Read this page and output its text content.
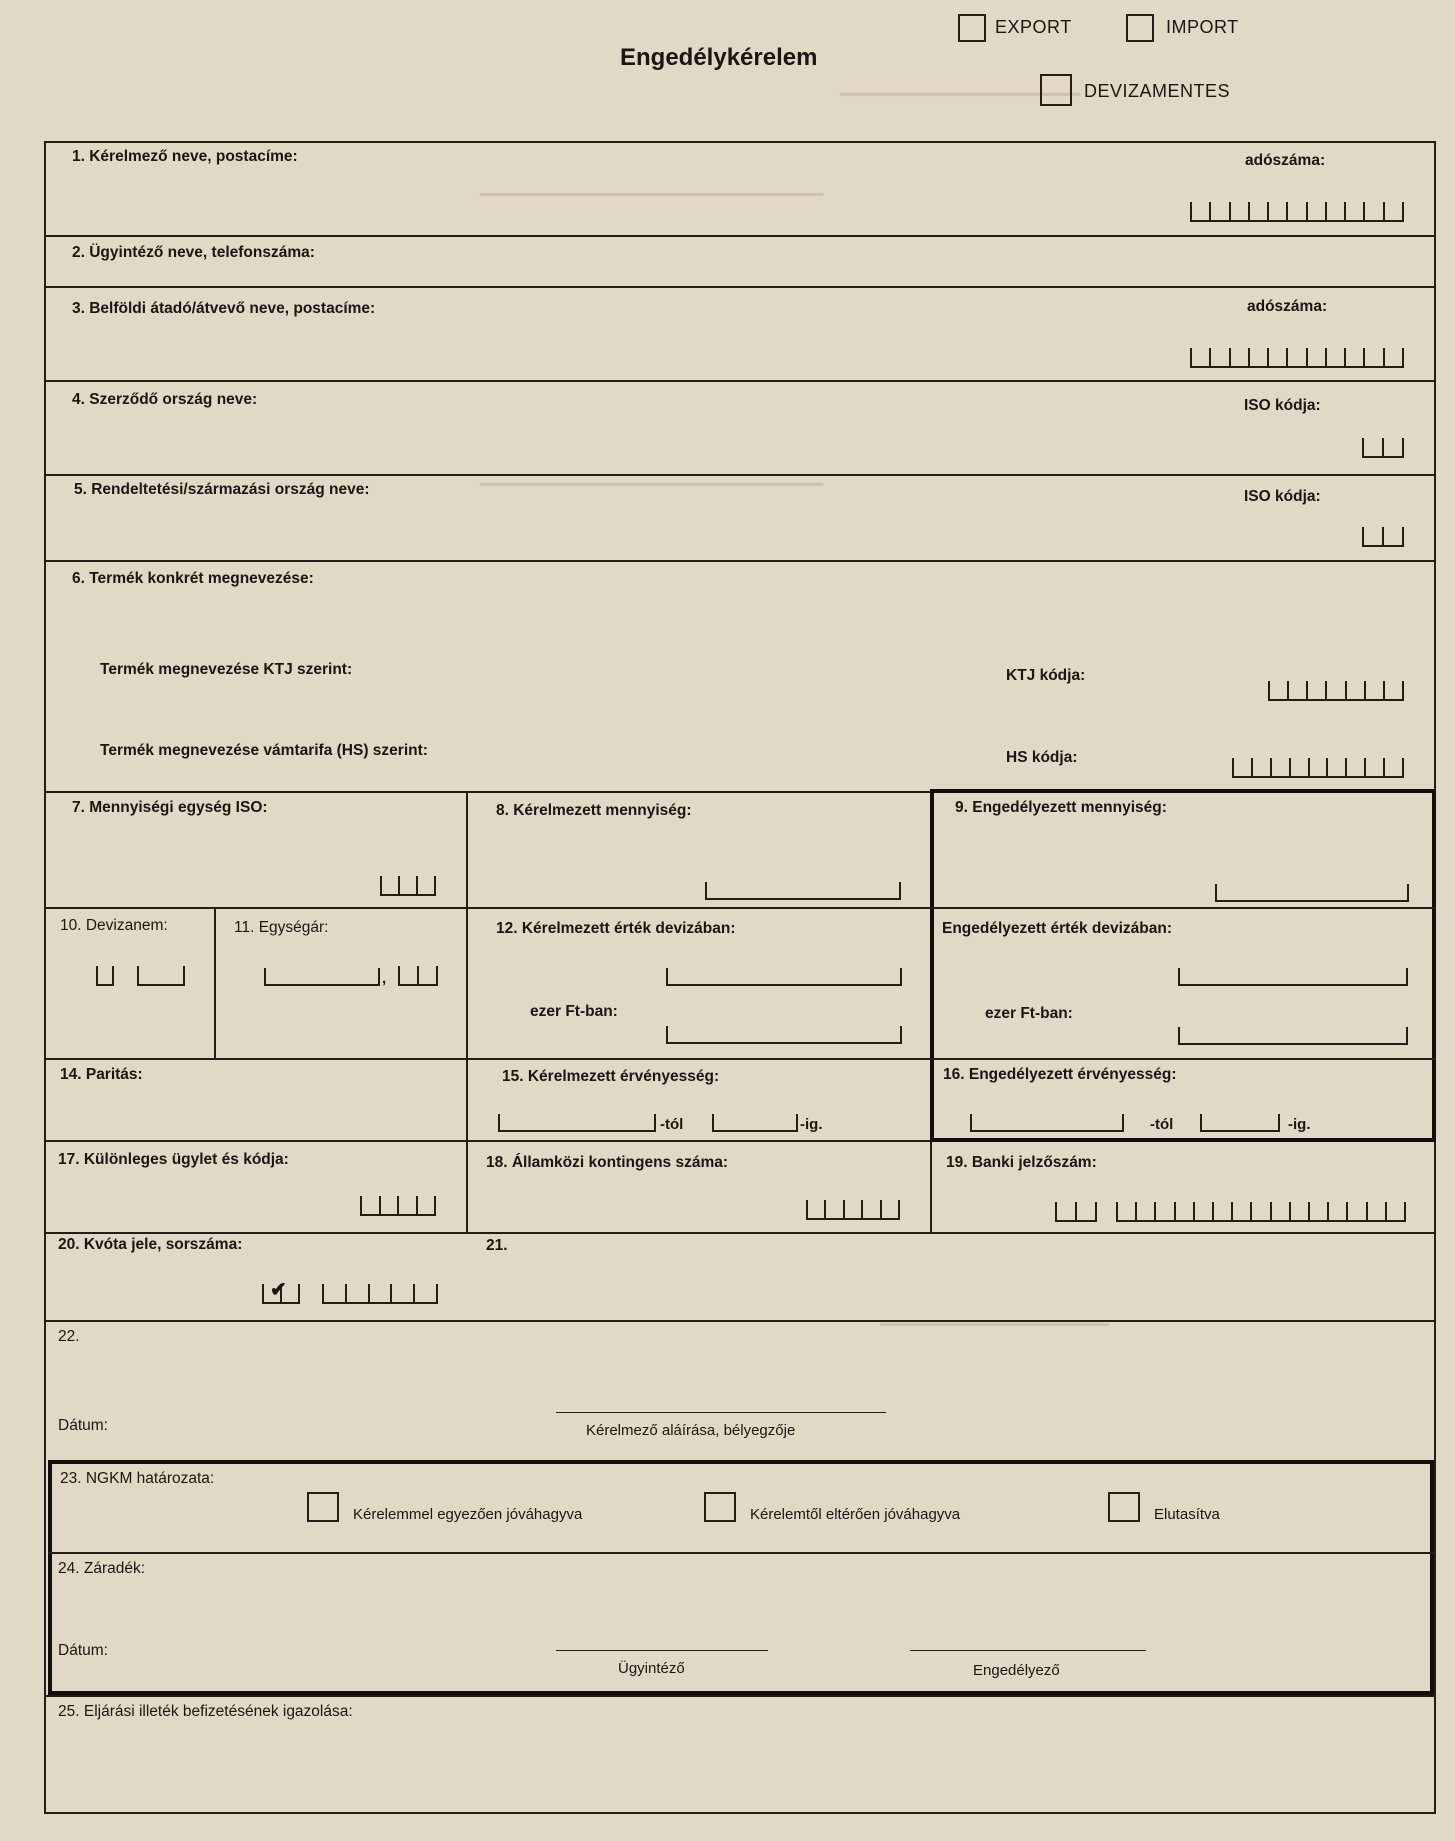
━━━━━━━━━━━━━━━━━━━━━
━━━━━━━━━━━━━━━━━━━━━━━━━━━━━━
━━━━━━━━━━━━━━━━━━━━━━━━━━━━━━
━━━━━━━━━━━━━━━━━━━━
EXPORT	IMPORT
Engedélykérelem
DEVIZAMENTES
1. Kérelmező neve, postacíme:	adószáma:
2. Ügyintéző neve, telefonszáma:
3. Belföldi átadó/átvevő neve, postacíme:	adószáma:
4. Szerződő ország neve:	ISO kódja:
5. Rendeltetési/származási ország neve:	ISO kódja:
6. Termék konkrét megnevezése:
Termék megnevezése KTJ szerint:	KTJ kódja:
Termék megnevezése vámtarifa (HS) szerint:	HS kódja:
7. Mennyiségi egység ISO:	8. Kérelmezett mennyiség:	9. Engedélyezett mennyiség:
10. Devizanem:	11. Egységár:
,
12. Kérelmezett érték devizában:
ezer Ft-ban:
Engedélyezett érték devizában:
ezer Ft-ban:
14. Paritás:	15. Kérelmezett érvényesség:
-tól	-ig.
16. Engedélyezett érvényesség:
-tól	-ig.
17. Különleges ügylet és kódja:	18. Államközi kontingens száma:	19. Banki jelzőszám:
20. Kvóta jele, sorszáma:
✔
21.
22.
Dátum:	Kérelmező aláírása, bélyegzője
23. NGKM határozata:
Kérelemmel egyezően jóváhagyva	Kérelemtől eltérően jóváhagyva	Elutasítva
24. Záradék:
Dátum:
Ügyintéző	Engedélyező
25. Eljárási illeték befizetésének igazolása:
